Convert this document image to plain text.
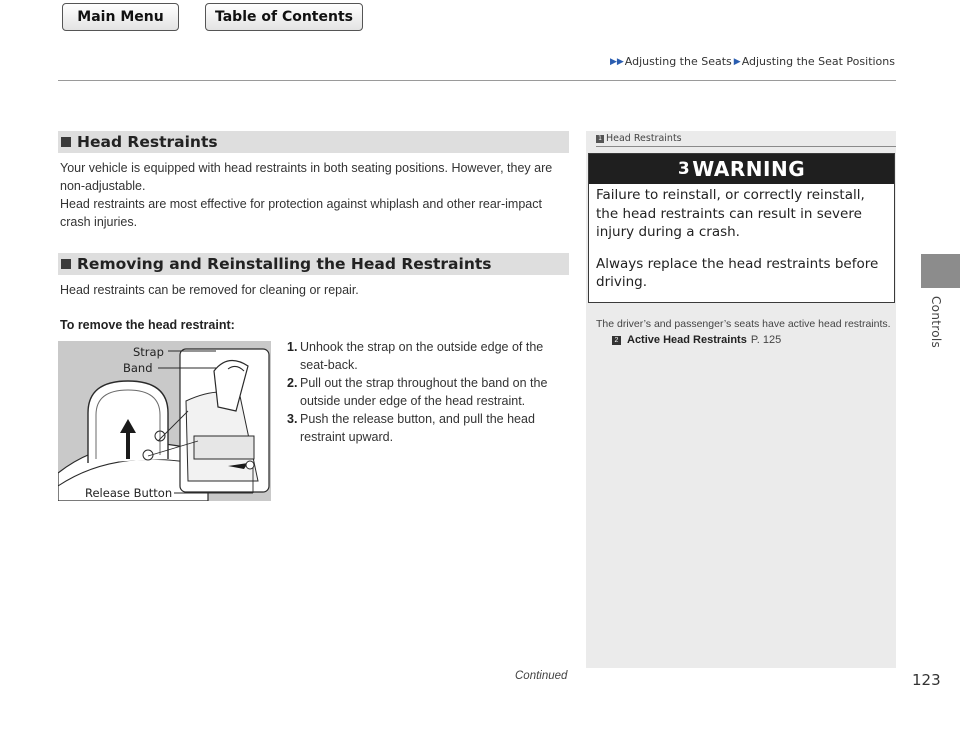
Main Menu	Table of Contents
▶ ▶ Adjusting the Seats ▶ Adjusting the Seat Positions
Controls
Head Restraints
Your vehicle is equipped with head restraints in both seating positions. However, they are non-adjustable.
Head restraints are most effective for protection against whiplash and other rear-impact crash injuries.
Removing and Reinstalling the Head Restraints
Head restraints can be removed for cleaning or repair.
To remove the head restraint:
Strap
Band
Release Button
1. Unhook the strap on the outside edge of the seat-back.
2. Pull out the strap throughout the band on the outside under edge of the head restraint.
3. Push the release button, and pull the head restraint upward.
1 Head Restraints
3 WARNING

Failure to reinstall, or correctly reinstall, the head restraints can result in severe injury during a crash.

Always replace the head restraints before driving.

The driver’s and passenger’s seats have active head restraints.
2 Active Head Restraints P. 125
Continued	123
